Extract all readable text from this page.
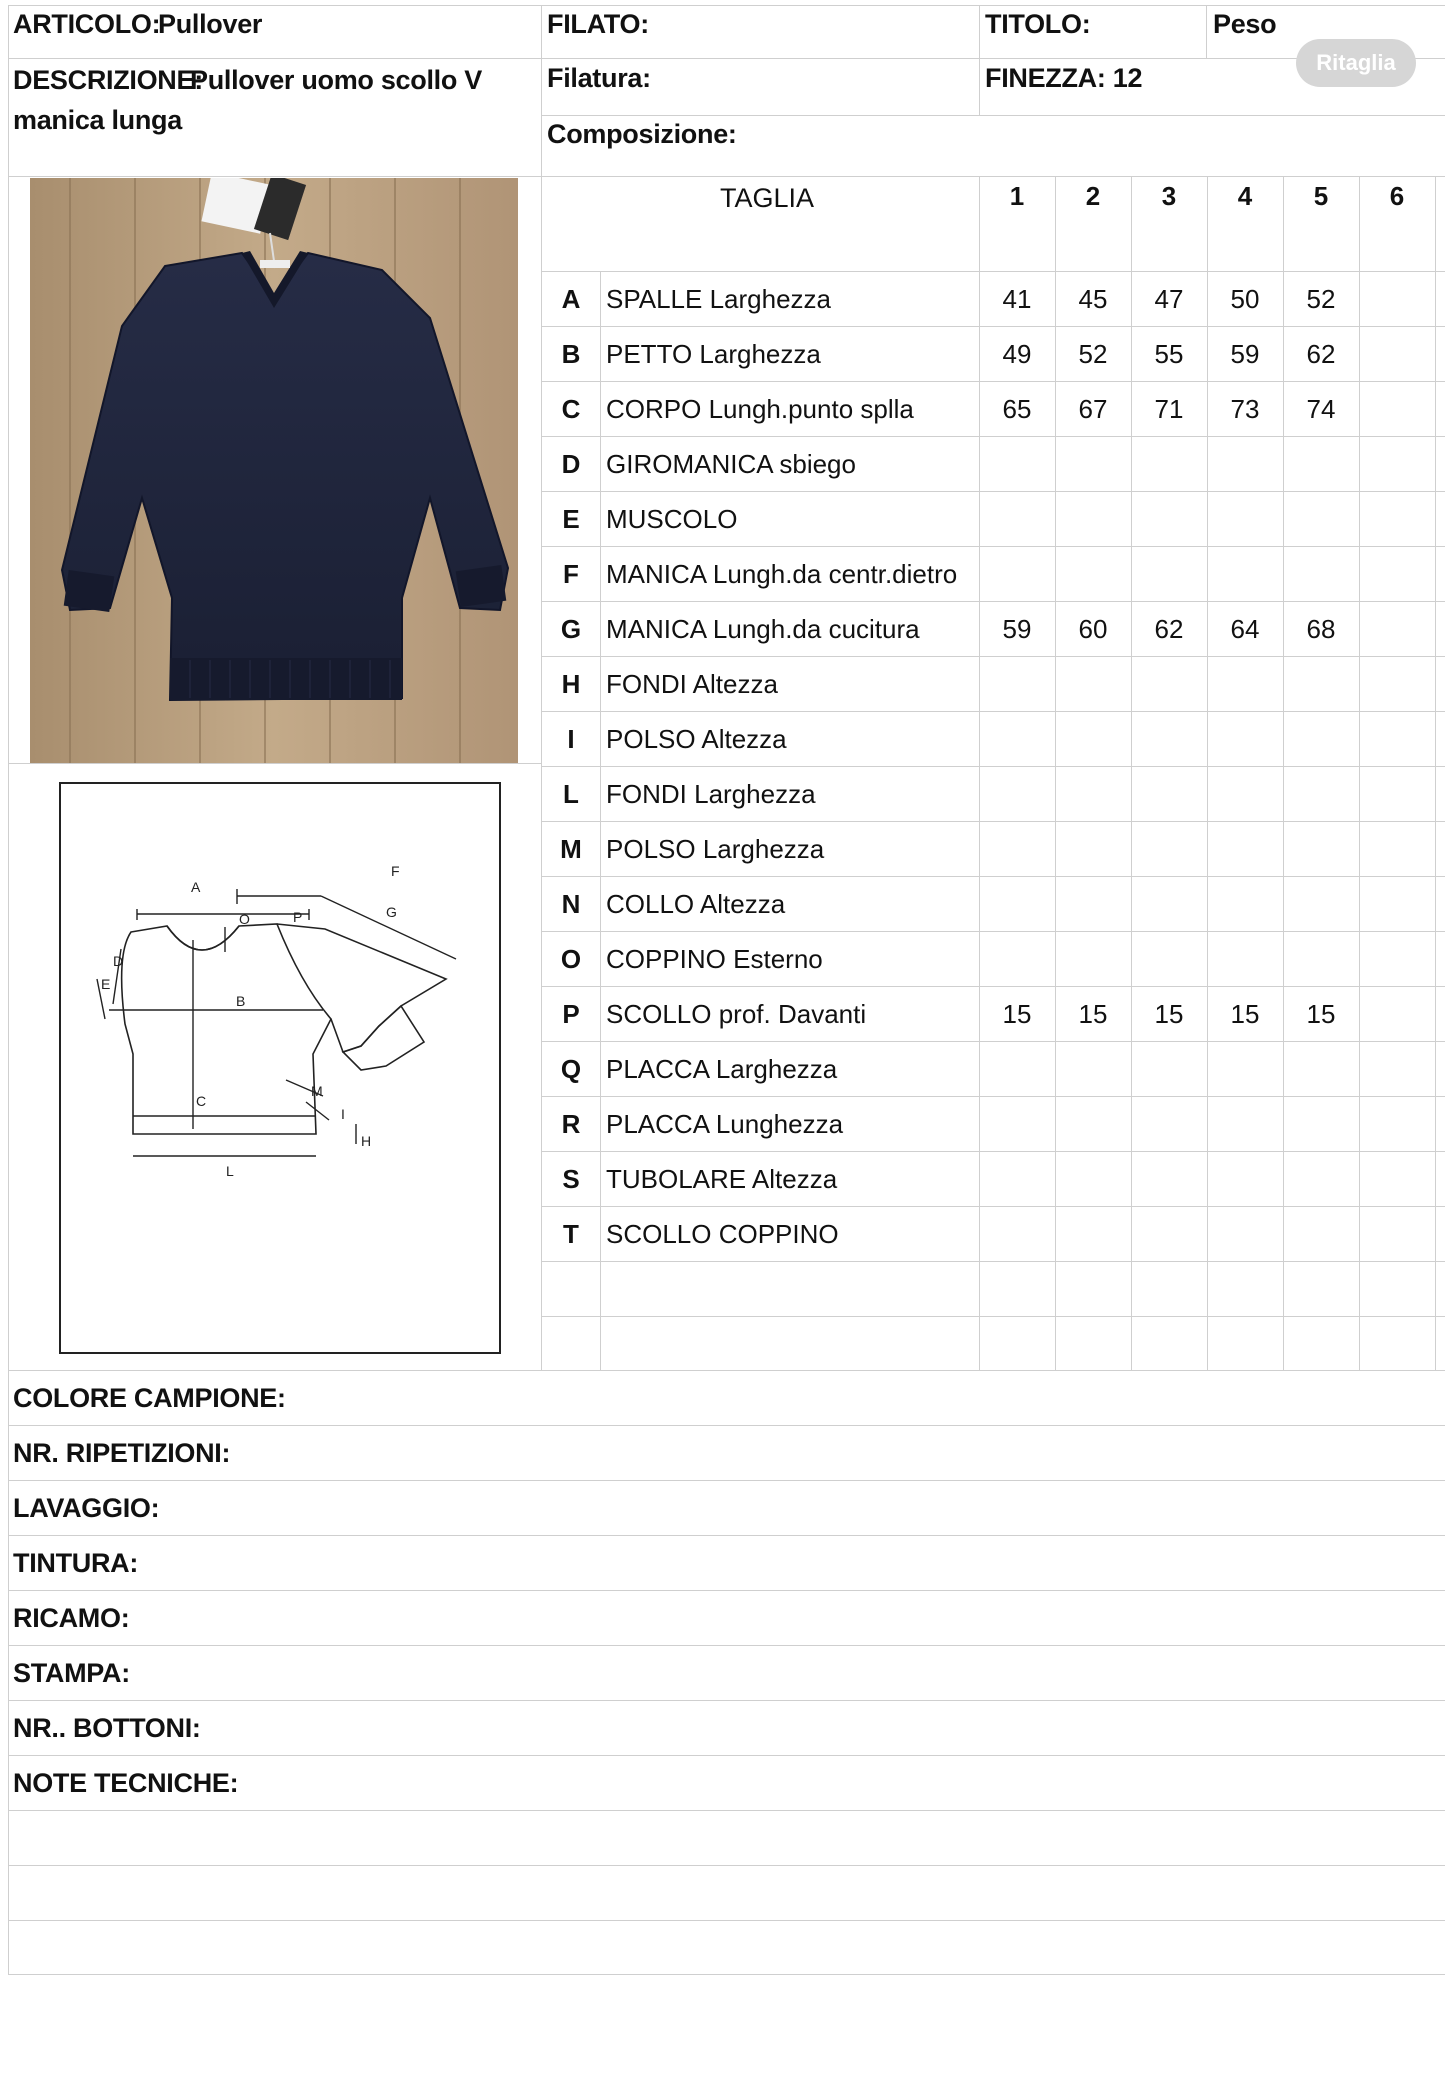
ARTICOLO:
Pullover	FILATO:	TITOLO:	Peso
DESCRIZIONE:
Pullover uomo scollo V
manica lunga
Filatura:	FINEZZA: 12
Composizione:
Ritaglia
A
O	P
F
G
B
C
E
D
H
L
M
I
TAGLIA	1	2	3	4	5	6
A SPALLE Larghezza	41	45	47	50	52
B PETTO Larghezza	49	52	55	59	62
C CORPO Lungh.punto splla	65	67	71	73	74
D GIROMANICA sbiego
E	MUSCOLO
F	MANICA Lungh.da centr.dietro
G MANICA Lungh.da cucitura	59	60	62	64	68
H FONDI Altezza
I	POLSO Altezza
L	FONDI Larghezza
M POLSO Larghezza
N COLLO Altezza
O COPPINO Esterno
P	SCOLLO prof. Davanti	15	15	15	15	15
Q PLACCA Larghezza
R PLACCA Lunghezza
S	TUBOLARE Altezza
T	SCOLLO COPPINO
COLORE CAMPIONE:
NR. RIPETIZIONI:
LAVAGGIO:
TINTURA:
RICAMO:
STAMPA:
NR.. BOTTONI:
NOTE TECNICHE:
